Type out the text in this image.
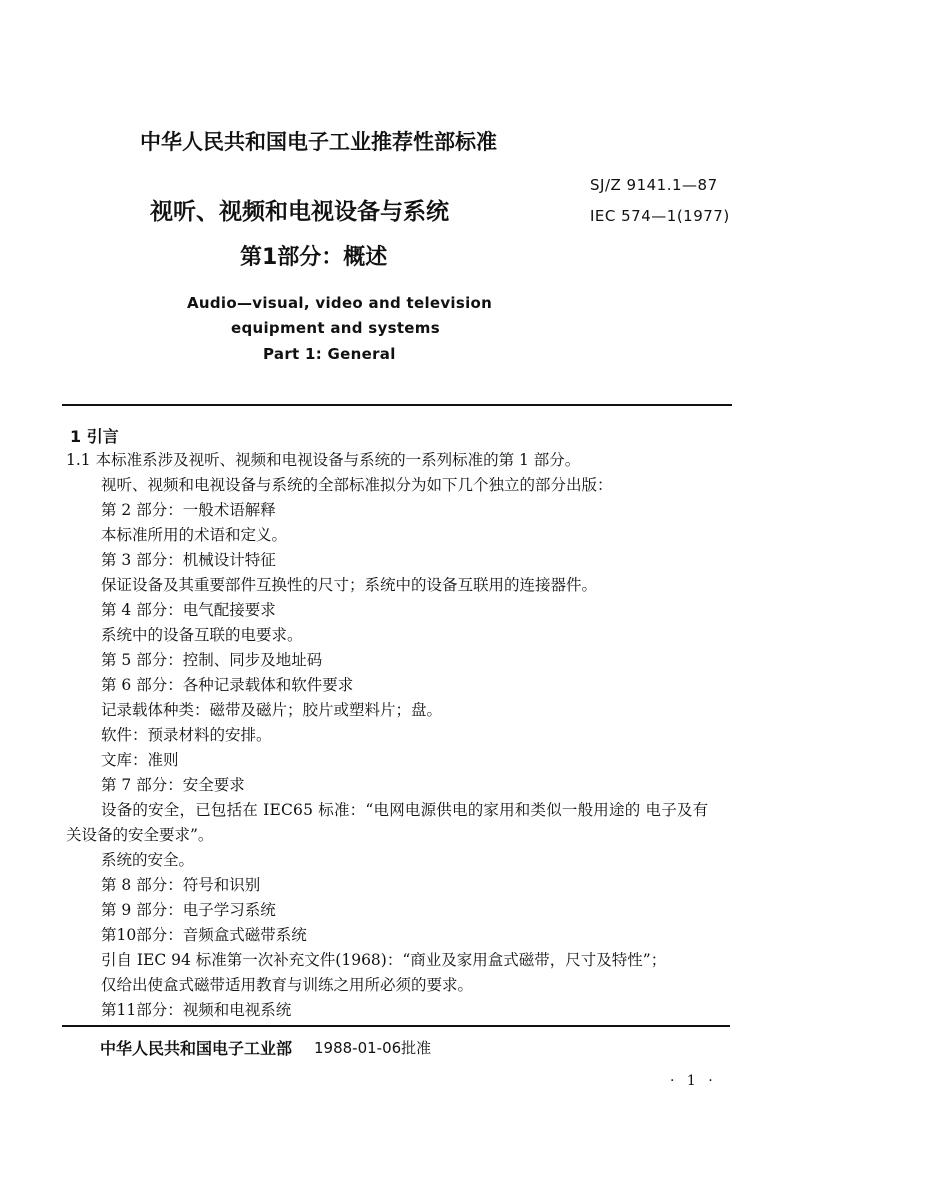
中华人民共和国电子工业推荐性部标准
SJ/Z 9141.1—87
IEC 574—1(1977)
视听、视频和电视设备与系统
第1部分：概述
Audio—visual, video and television
equipment and systems
Part 1: General
1 引言
1.1 本标准系涉及视听、视频和电视设备与系统的一系列标准的第 1 部分。
视听、视频和电视设备与系统的全部标准拟分为如下几个独立的部分出版：
第 2 部分：一般术语解释
本标准所用的术语和定义。
第 3 部分：机械设计特征
保证设备及其重要部件互换性的尺寸；系统中的设备互联用的连接器件。
第 4 部分：电气配接要求
系统中的设备互联的电要求。
第 5 部分：控制、同步及地址码
第 6 部分：各种记录载体和软件要求
记录载体种类：磁带及磁片；胶片或塑料片；盘。
软件：预录材料的安排。
文库：准则
第 7 部分：安全要求
设备的安全，已包括在 IEC65 标准：“电网电源供电的家用和类似一般用途的 电子及有
关设备的安全要求”。
系统的安全。
第 8 部分：符号和识别
第 9 部分：电子学习系统
第10部分：音频盒式磁带系统
引自 IEC 94 标准第一次补充文件(1968)：“商业及家用盒式磁带，尺寸及特性”；
仅给出使盒式磁带适用教育与训练之用所必须的要求。
第11部分：视频和电视系统
中华人民共和国电子工业部 1988-01-06批准
· 1 ·
